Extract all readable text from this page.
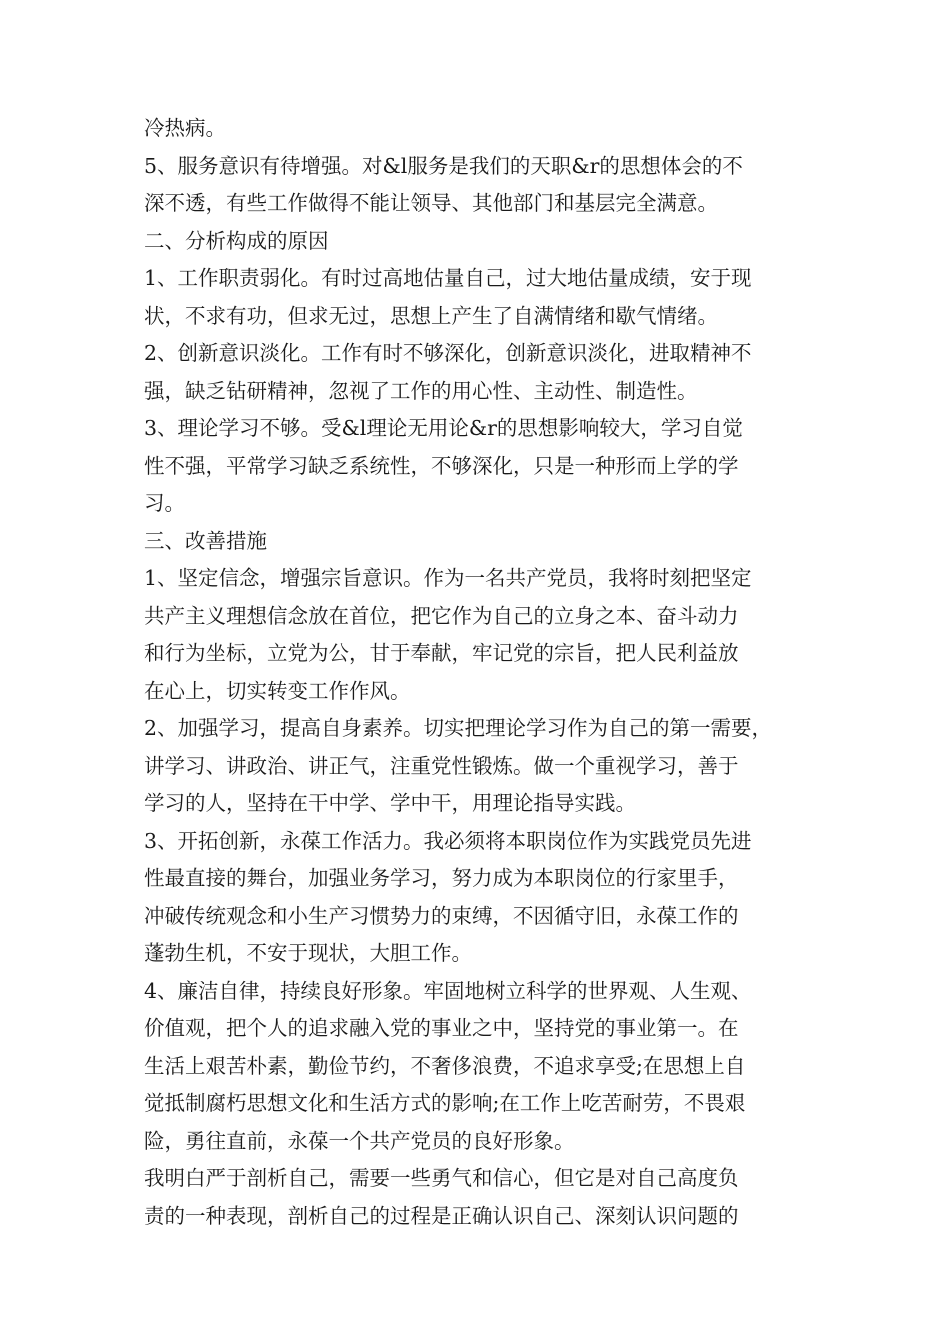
冷热病。
5、服务意识有待增强。对&l服务是我们的天职&r的思想体会的不
深不透，有些工作做得不能让领导、其他部门和基层完全满意。
二、分析构成的原因
1、工作职责弱化。有时过高地估量自己，过大地估量成绩，安于现
状，不求有功，但求无过，思想上产生了自满情绪和歇气情绪。
2、创新意识淡化。工作有时不够深化，创新意识淡化，进取精神不
强，缺乏钻研精神，忽视了工作的用心性、主动性、制造性。
3、理论学习不够。受&l理论无用论&r的思想影响较大，学习自觉
性不强，平常学习缺乏系统性，不够深化，只是一种形而上学的学
习。
三、改善措施
1、坚定信念，增强宗旨意识。作为一名共产党员，我将时刻把坚定
共产主义理想信念放在首位，把它作为自己的立身之本、奋斗动力
和行为坐标，立党为公，甘于奉献，牢记党的宗旨，把人民利益放
在心上，切实转变工作作风。
2、加强学习，提高自身素养。切实把理论学习作为自己的第一需要，
讲学习、讲政治、讲正气，注重党性锻炼。做一个重视学习，善于
学习的人，坚持在干中学、学中干，用理论指导实践。
3、开拓创新，永葆工作活力。我必须将本职岗位作为实践党员先进
性最直接的舞台，加强业务学习，努力成为本职岗位的行家里手，
冲破传统观念和小生产习惯势力的束缚，不因循守旧，永葆工作的
蓬勃生机，不安于现状，大胆工作。
4、廉洁自律，持续良好形象。牢固地树立科学的世界观、人生观、
价值观，把个人的追求融入党的事业之中，坚持党的事业第一。在
生活上艰苦朴素，勤俭节约，不奢侈浪费，不追求享受;在思想上自
觉抵制腐朽思想文化和生活方式的影响;在工作上吃苦耐劳，不畏艰
险，勇往直前，永葆一个共产党员的良好形象。
我明白严于剖析自己，需要一些勇气和信心，但它是对自己高度负
责的一种表现，剖析自己的过程是正确认识自己、深刻认识问题的
